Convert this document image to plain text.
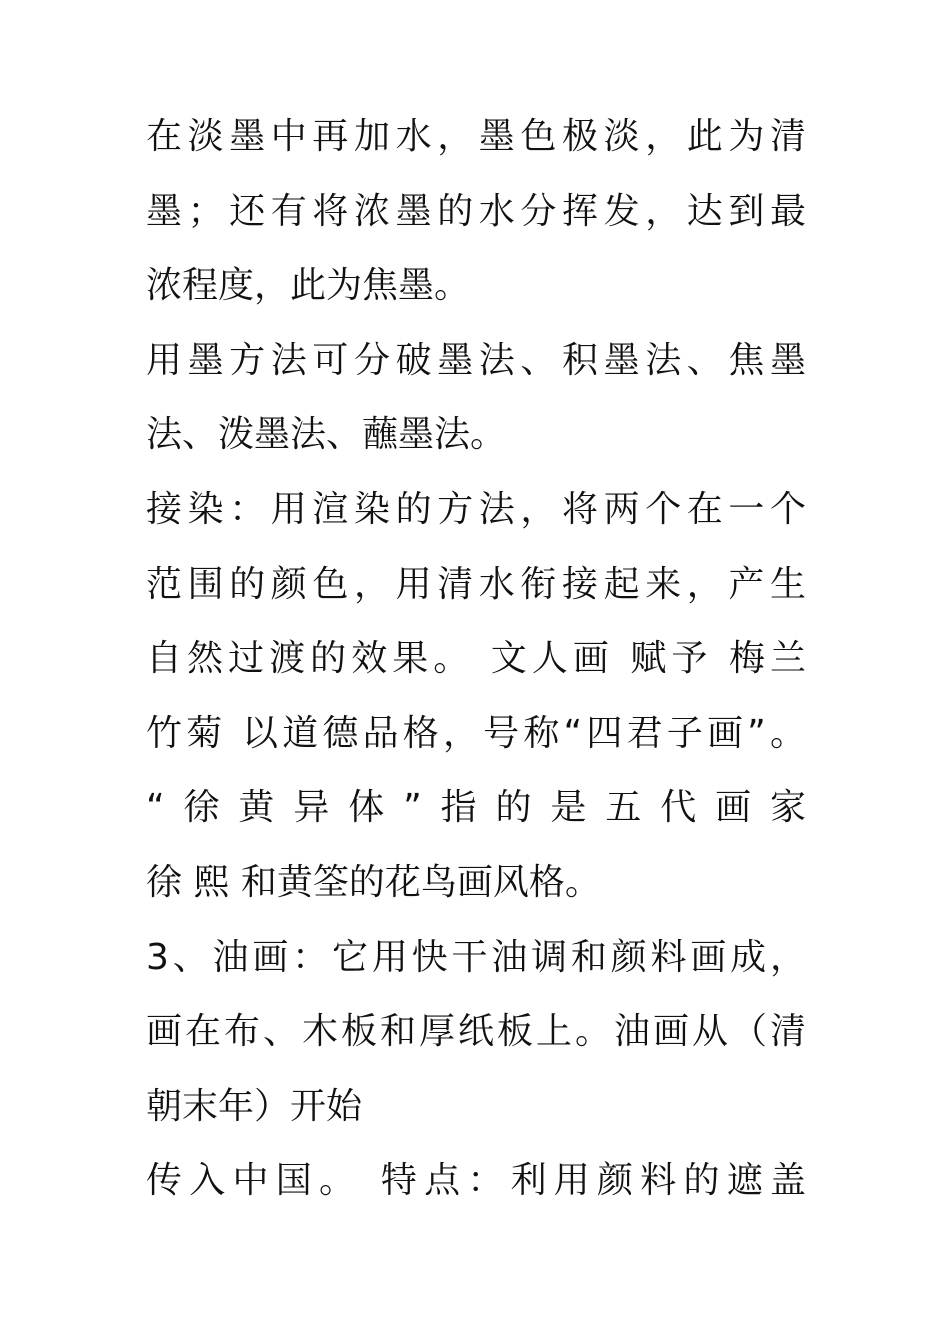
在淡墨中再加水，墨色极淡，此为清
墨；还有将浓墨的水分挥发，达到最
浓程度，此为焦墨。
用墨方法可分破墨法、积墨法、焦墨
法、泼墨法、蘸墨法。
接染：用渲染的方法，将两个在一个
范围的颜色，用清水衔接起来，产生
自然过渡的效果。 文人画 赋予 梅兰
竹菊 以道德品格，号称“四君子画”。
“徐黄异体”指的是五代画家
徐 熙 和黄筌的花鸟画风格。
3、油画：它用快干油调和颜料画成，
画在布、木板和厚纸板上。油画从（清
朝末年）开始
传入中国。 特点：利用颜料的遮盖
